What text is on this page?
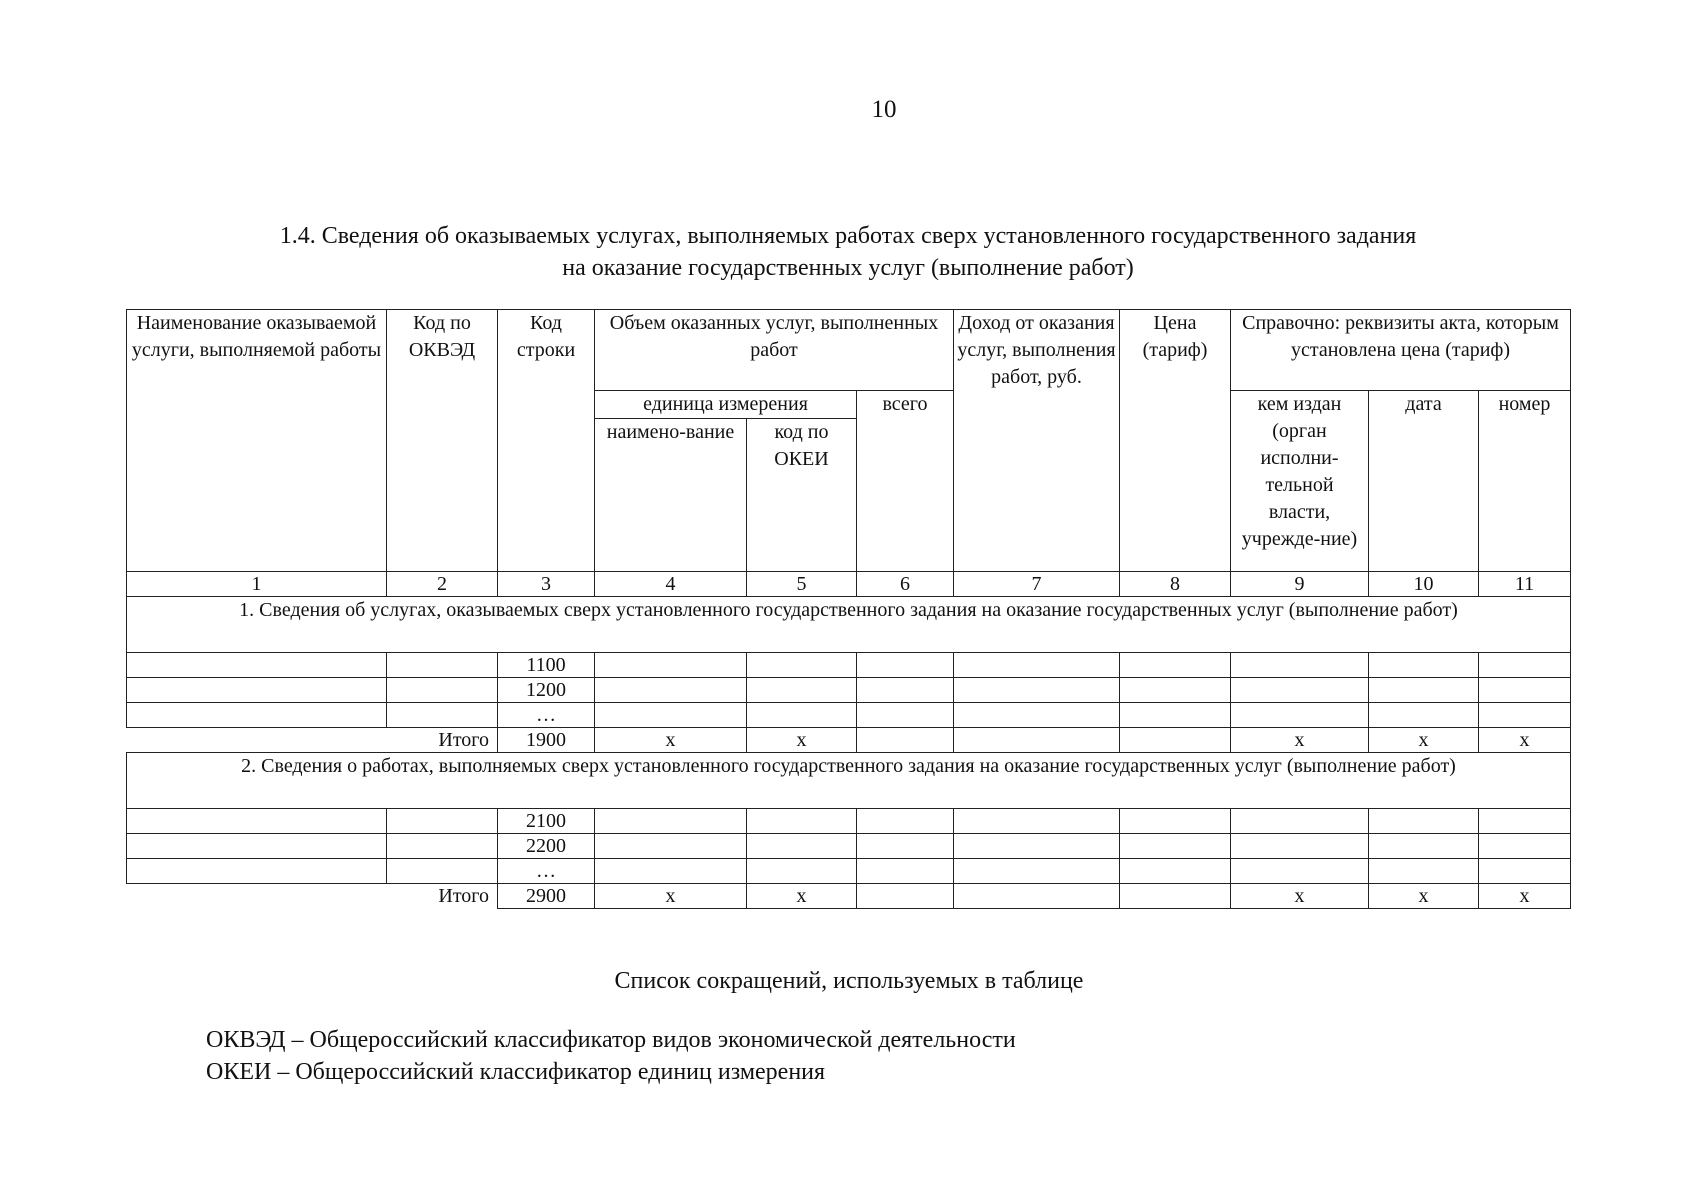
10
1.4. Сведения об оказываемых услугах, выполняемых работах сверх установленного государственного задания
на оказание государственных услуг (выполнение работ)
Наименование оказываемой услуги, выполняемой работы	Код по ОКВЭД	Код строки	Объем оказанных услуг, выполненных работ			Доход от оказания услуг, выполнения работ, руб.	Цена (тариф)	Справочно: реквизиты акта, которым установлена цена (тариф)		
			единица измерения		всего			кем издан (орган исполни-тельной власти, учрежде-ние)	дата	номер
			наимено-вание	код по ОКЕИ						
1	2	3	4	5	6	7	8	9	10	11
1. Сведения об услугах, оказываемых сверх установленного государственного задания на оказание государственных услуг (выполнение работ)										
		1100								
		1200								
		…								
	Итого	1900	х	х				х	х	х
2. Сведения о работах, выполняемых сверх установленного государственного задания на оказание государственных услуг (выполнение работ)										
		2100								
		2200								
		…								
	Итого	2900	х	х				х	х	х
Список сокращений, используемых в таблице
ОКВЭД – Общероссийский классификатор видов экономической деятельности
ОКЕИ – Общероссийский классификатор единиц измерения
